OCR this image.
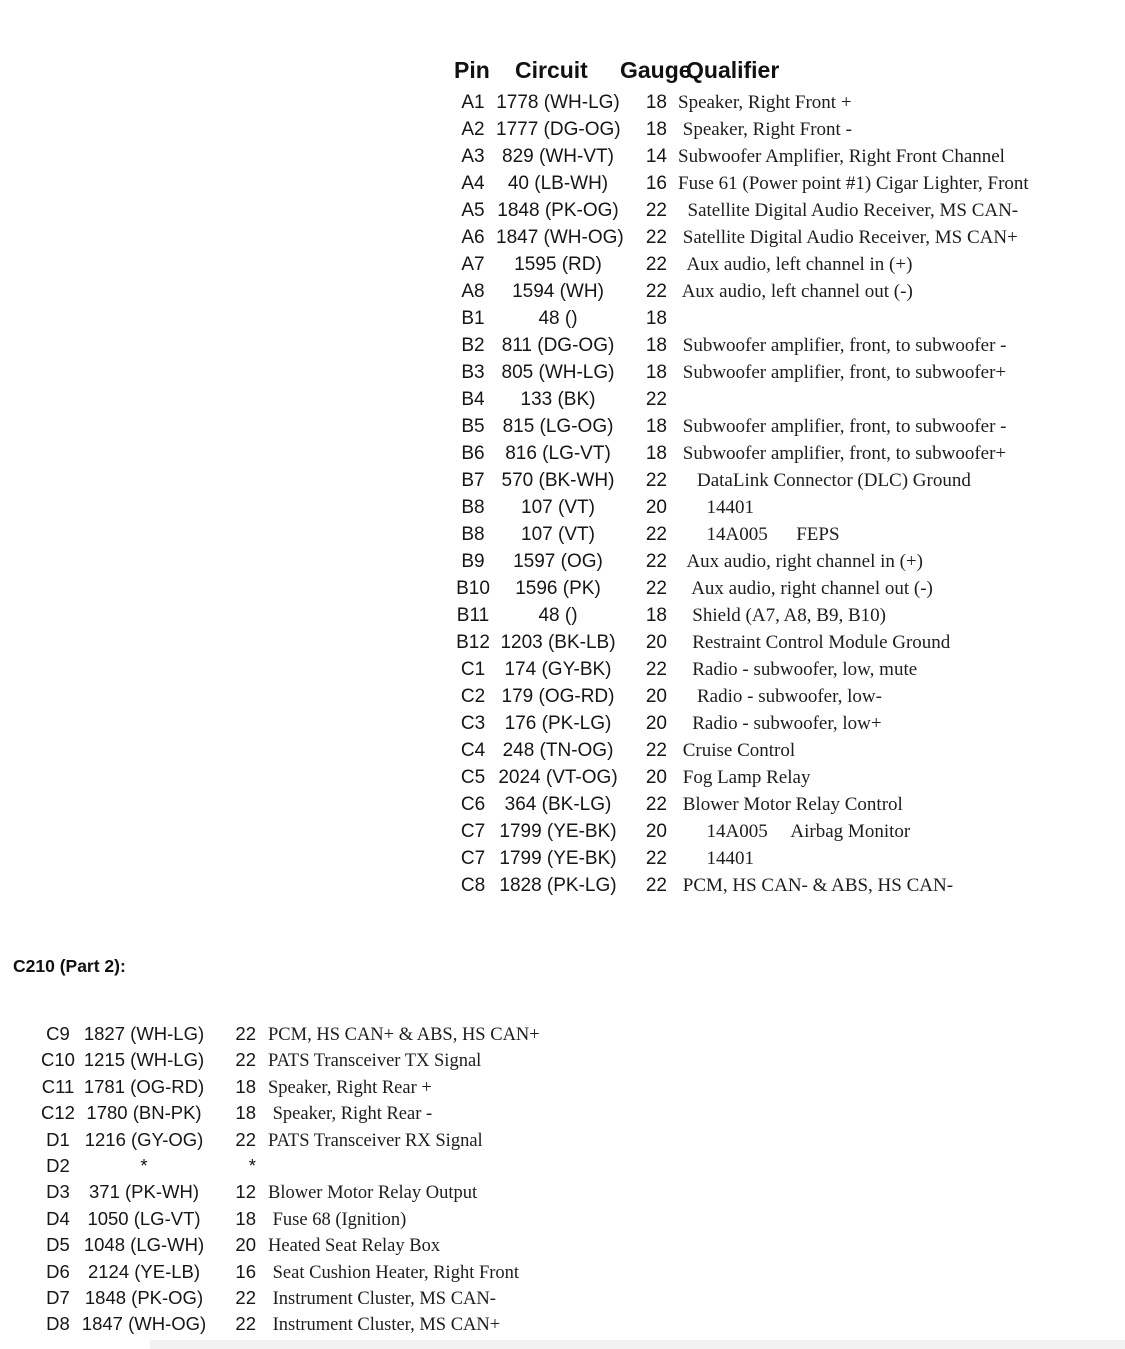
Pin Circuit Gauge
Qualifier
A1 1778 (WH-LG)	18 Speaker, Right Front +
A2 1777 (DG-OG)	18 Speaker, Right Front -
A3 829 (WH-VT)	14 Subwoofer Amplifier, Right Front Channel
A4	40 (LB-WH)	16 Fuse 61 (Power point #1) Cigar Lighter, Front
A5 1848 (PK-OG)	22 Satellite Digital Audio Receiver, MS CAN-
A6 1847 (WH-OG)	22 Satellite Digital Audio Receiver, MS CAN+
A7	1595 (RD)	22 Aux audio, left channel in (+)
A8	1594 (WH)	22 Aux audio, left channel out (-)
B1	48 ()	18
B2 811 (DG-OG)	18 Subwoofer amplifier, front, to subwoofer -
B3 805 (WH-LG)	18 Subwoofer amplifier, front, to subwoofer+
B4	133 (BK)	22
B5 815 (LG-OG)	18 Subwoofer amplifier, front, to subwoofer -
B6	816 (LG-VT)	18 Subwoofer amplifier, front, to subwoofer+
B7 570 (BK-WH)	22 DataLink Connector (DLC) Ground
B8	107 (VT)	20 14401
B8	107 (VT)	22 14A005      FEPS
B9	1597 (OG)	22 Aux audio, right channel in (+)
B10	1596 (PK)	22 Aux audio, right channel out (-)
B11	48 ()	18 Shield (A7, A8, B9, B10)
B12 1203 (BK-LB)	20 Restraint Control Module Ground
C1	174 (GY-BK)	22 Radio - subwoofer, low, mute
C2 179 (OG-RD)	20 Radio - subwoofer, low-
C3	176 (PK-LG)	20 Radio - subwoofer, low+
C4 248 (TN-OG)	22 Cruise Control
C5 2024 (VT-OG)	20 Fog Lamp Relay
C6	364 (BK-LG)	22 Blower Motor Relay Control
C7 1799 (YE-BK)	20 14A005     Airbag Monitor
C7 1799 (YE-BK)	22 14401
C8 1828 (PK-LG)	22 PCM, HS CAN- & ABS, HS CAN-
C210 (Part 2):
C9 1827 (WH-LG)	22 PCM, HS CAN+ & ABS, HS CAN+
C10 1215 (WH-LG)	22 PATS Transceiver TX Signal
C11 1781 (OG-RD)	18 Speaker, Right Rear +
C12 1780 (BN-PK)	18 Speaker, Right Rear -
D1 1216 (GY-OG)	22 PATS Transceiver RX Signal
D2	*	*
D3	371 (PK-WH)	12 Blower Motor Relay Output
D4 1050 (LG-VT)	18 Fuse 68 (Ignition)
D5 1048 (LG-WH)	20 Heated Seat Relay Box
D6 2124 (YE-LB)	16 Seat Cushion Heater, Right Front
D7 1848 (PK-OG)	22 Instrument Cluster, MS CAN-
D8 1847 (WH-OG)	22 Instrument Cluster, MS CAN+
